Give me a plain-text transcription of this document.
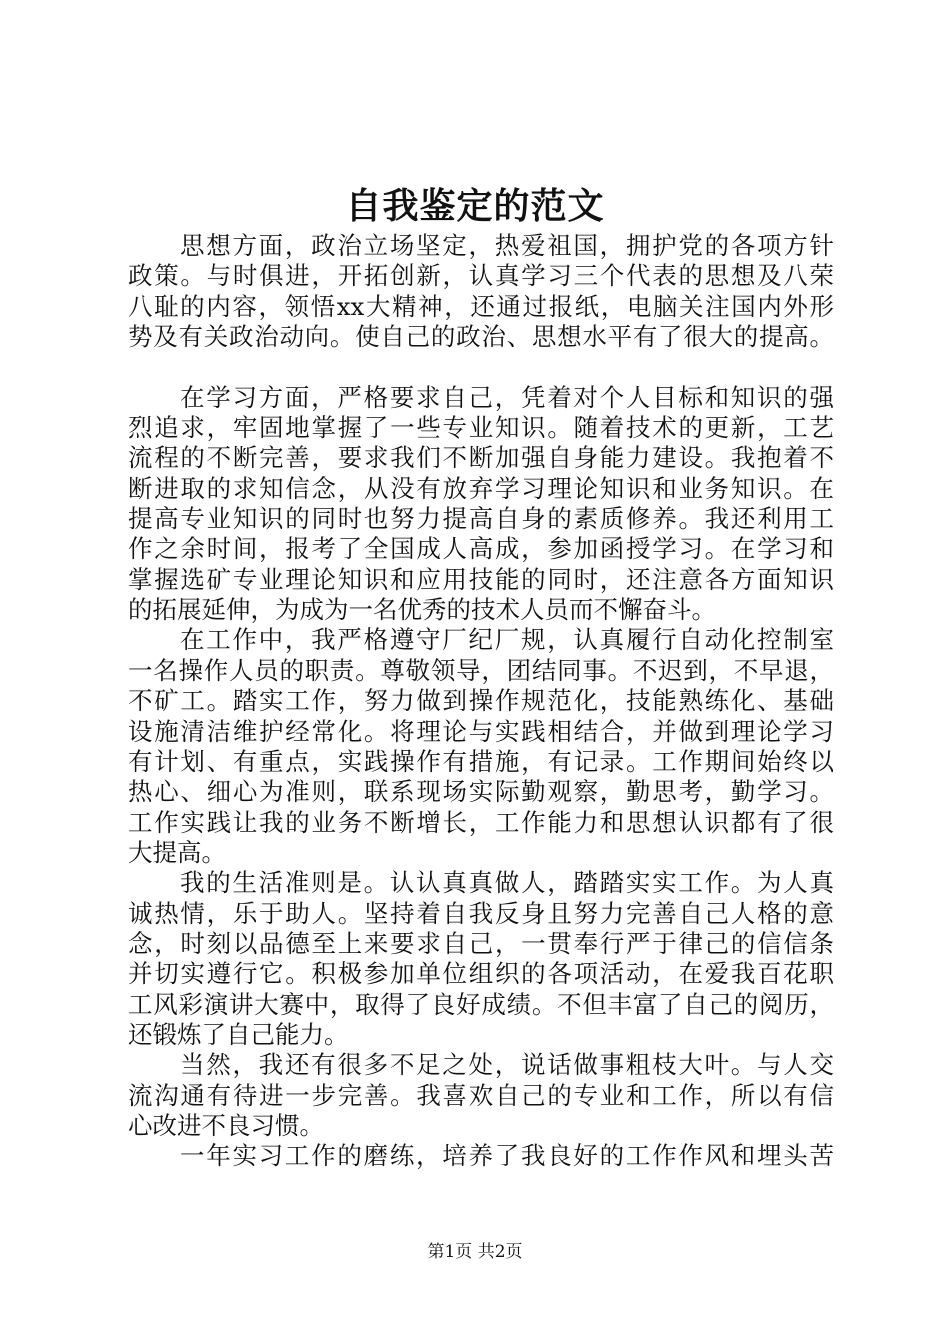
自我鉴定的范文
思想方面，政治立场坚定，热爱祖国，拥护党的各项方针
政策。与时俱进，开拓创新，认真学习三个代表的思想及八荣
八耻的内容，领悟xx大精神，还通过报纸，电脑关注国内外形
势及有关政治动向。使自己的政治、思想水平有了很大的提高。
在学习方面，严格要求自己，凭着对个人目标和知识的强
烈追求，牢固地掌握了一些专业知识。随着技术的更新，工艺
流程的不断完善，要求我们不断加强自身能力建设。我抱着不
断进取的求知信念，从没有放弃学习理论知识和业务知识。在
提高专业知识的同时也努力提高自身的素质修养。我还利用工
作之余时间，报考了全国成人高成，参加函授学习。在学习和
掌握选矿专业理论知识和应用技能的同时，还注意各方面知识
的拓展延伸，为成为一名优秀的技术人员而不懈奋斗。
在工作中，我严格遵守厂纪厂规，认真履行自动化控制室
一名操作人员的职责。尊敬领导，团结同事。不迟到，不早退，
不矿工。踏实工作，努力做到操作规范化，技能熟练化、基础
设施清洁维护经常化。将理论与实践相结合，并做到理论学习
有计划、有重点，实践操作有措施，有记录。工作期间始终以
热心、细心为准则，联系现场实际勤观察，勤思考，勤学习。
工作实践让我的业务不断增长，工作能力和思想认识都有了很
大提高。
我的生活准则是。认认真真做人，踏踏实实工作。为人真
诚热情，乐于助人。坚持着自我反身且努力完善自己人格的意
念，时刻以品德至上来要求自己，一贯奉行严于律己的信信条
并切实遵行它。积极参加单位组织的各项活动，在爱我百花职
工风彩演讲大赛中，取得了良好成绩。不但丰富了自己的阅历，
还锻炼了自己能力。
当然，我还有很多不足之处，说话做事粗枝大叶。与人交
流沟通有待进一步完善。我喜欢自己的专业和工作，所以有信
心改进不良习惯。
一年实习工作的磨练，培养了我良好的工作作风和埋头苦
第1页 共2页
